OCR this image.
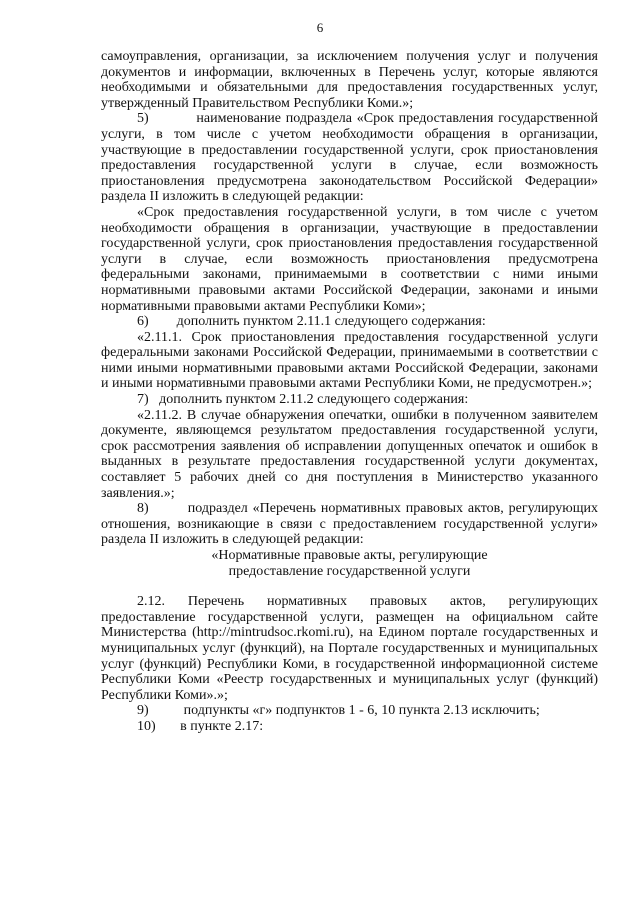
6

самоуправления, организации, за исключением получения услуг и получения документов и информации, включенных в Перечень услуг, которые являются необходимыми и обязательными для предоставления государственных услуг, утвержденный Правительством Республики Коми.»;

5)	наименование подраздела «Срок предоставления государственной услуги, в том числе с учетом необходимости обращения в организации, участвующие в предоставлении государственной услуги, срок приостановления предоставления государственной услуги в случае, если возможность приостановления предусмотрена законодательством Российской Федерации» раздела II изложить в следующей редакции:

«Срок предоставления государственной услуги, в том числе с учетом необходимости обращения в организации, участвующие в предоставлении государственной услуги, срок приостановления предоставления государственной услуги в случае, если возможность приостановления предусмотрена федеральными законами, принимаемыми в соответствии с ними иными нормативными правовыми актами Российской Федерации, законами и иными нормативными правовыми актами Республики Коми»;

6) дополнить пунктом 2.11.1 следующего содержания:

«2.11.1. Срок приостановления предоставления государственной услуги федеральными законами Российской Федерации, принимаемыми в соответствии с ними иными нормативными правовыми актами Российской Федерации, законами и иными нормативными правовыми актами Республики Коми, не предусмотрен.»;

7) дополнить пунктом 2.11.2 следующего содержания:

«2.11.2. В случае обнаружения опечатки, ошибки в полученном заявителем документе, являющемся результатом предоставления государственной услуги, срок рассмотрения заявления об исправлении допущенных опечаток и ошибок в выданных в результате предоставления государственной услуги документах, составляет 5 рабочих дней со дня поступления в Министерство указанного заявления.»;

8)	подраздел «Перечень нормативных правовых актов, регулирующих отношения, возникающие в связи с предоставлением государственной услуги» раздела II изложить в следующей редакции:

«Нормативные правовые акты, регулирующие

предоставление государственной услуги

2.12. Перечень нормативных правовых актов, регулирующих предоставление государственной услуги, размещен на официальном сайте Министерства (http://mintrudsoc.rkomi.ru), на Едином портале государственных и муниципальных услуг (функций), на Портале государственных и муниципальных услуг (функций) Республики Коми, в государственной информационной системе Республики Коми «Реестр государственных и муниципальных услуг (функций) Республики Коми».»;

9)	подпункты «г» подпунктов 1 - 6, 10 пункта 2.13 исключить;

10) в пункте 2.17:
